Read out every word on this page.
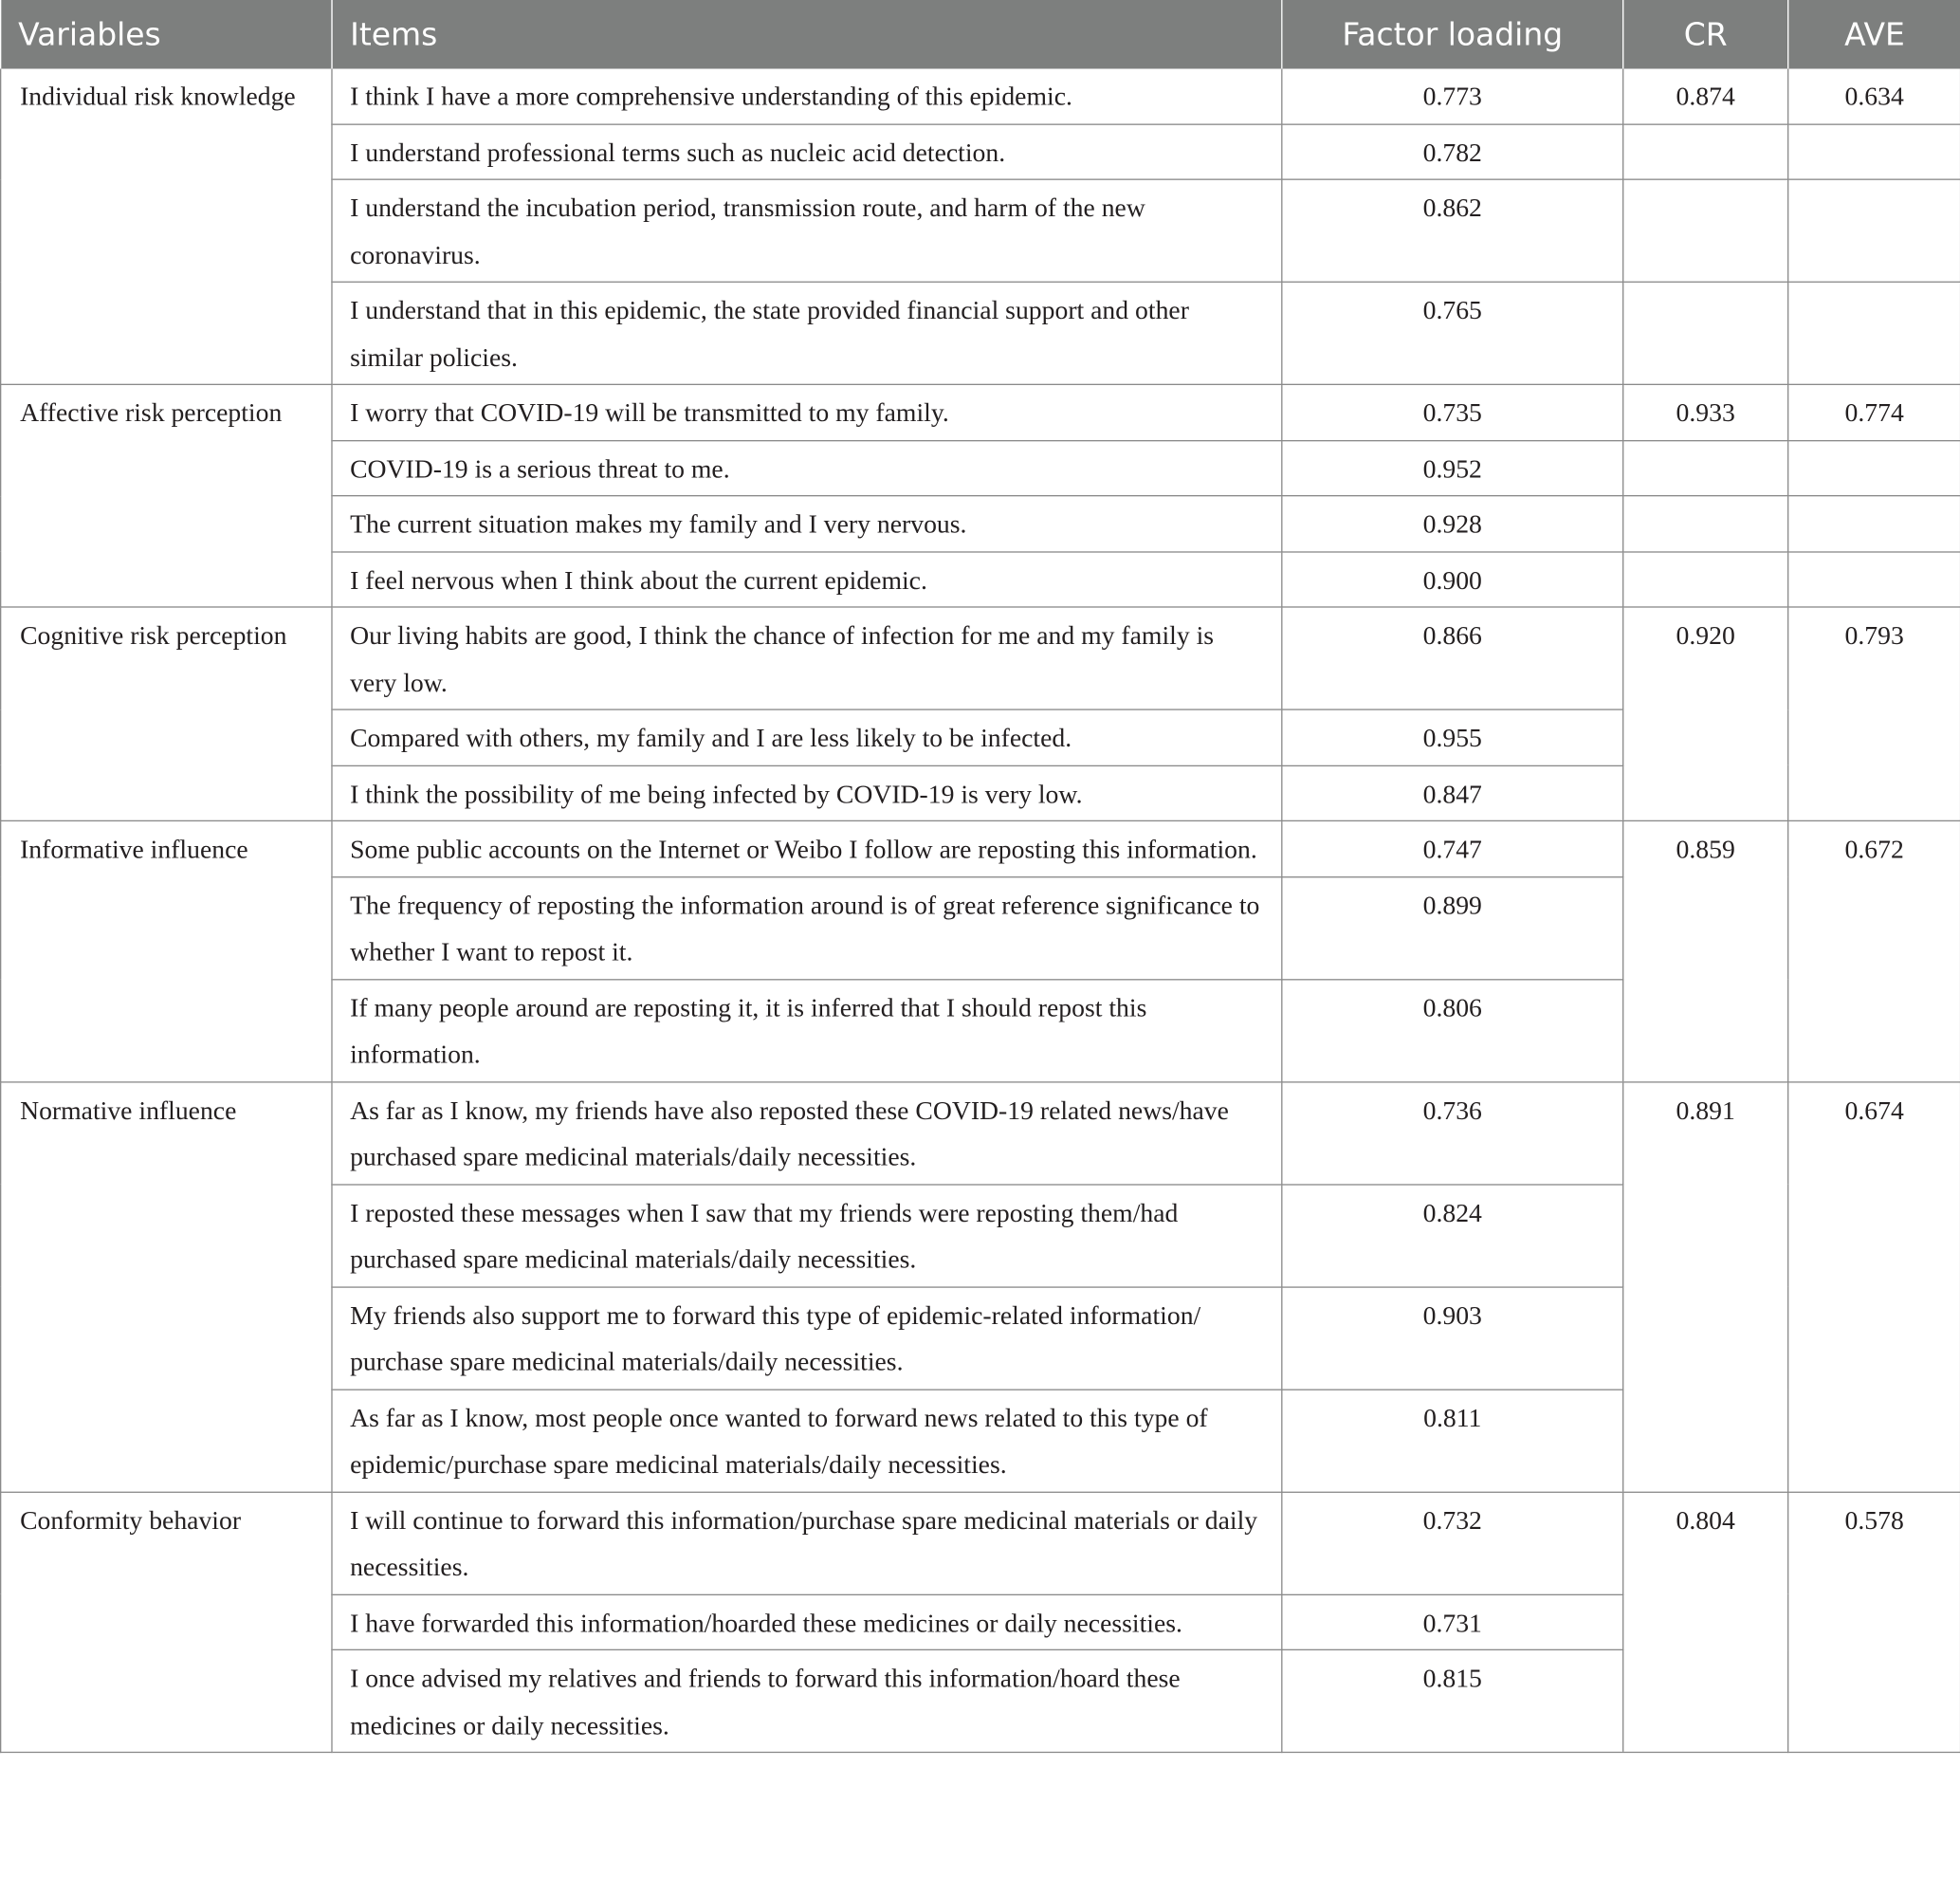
Variables	Items	Factor loading	CR	AVE
Individual risk knowledge	I think I have a more comprehensive understanding of this epidemic.	0.773	0.874	0.634
	I understand professional terms such as nucleic acid detection.	0.782		
	I understand the incubation period, transmission route, and harm of the new coronavirus.	0.862		
	I understand that in this epidemic, the state provided financial support and other similar policies.	0.765		
Affective risk perception	I worry that COVID-19 will be transmitted to my family.	0.735	0.933	0.774
	COVID-19 is a serious threat to me.	0.952		
	The current situation makes my family and I very nervous.	0.928		
	I feel nervous when I think about the current epidemic.	0.900		
Cognitive risk perception	Our living habits are good, I think the chance of infection for me and my family is very low.	0.866	0.920	0.793
	Compared with others, my family and I are less likely to be infected.	0.955		
	I think the possibility of me being infected by COVID-19 is very low.	0.847		
Informative influence	Some public accounts on the Internet or Weibo I follow are reposting this information.	0.747	0.859	0.672
	The frequency of reposting the information around is of great reference significance to whether I want to repost it.	0.899		
	If many people around are reposting it, it is inferred that I should repost this information.	0.806		
Normative influence	As far as I know, my friends have also reposted these COVID-19 related news/have purchased spare medicinal materials/daily necessities.	0.736	0.891	0.674
	I reposted these messages when I saw that my friends were reposting them/had purchased spare medicinal materials/daily necessities.	0.824		
	My friends also support me to forward this type of epidemic-related information/ purchase spare medicinal materials/daily necessities.	0.903		
	As far as I know, most people once wanted to forward news related to this type of epidemic/purchase spare medicinal materials/daily necessities.	0.811		
Conformity behavior	I will continue to forward this information/purchase spare medicinal materials or daily necessities.	0.732	0.804	0.578
	I have forwarded this information/hoarded these medicines or daily necessities.	0.731		
	I once advised my relatives and friends to forward this information/hoard these medicines or daily necessities.	0.815		
